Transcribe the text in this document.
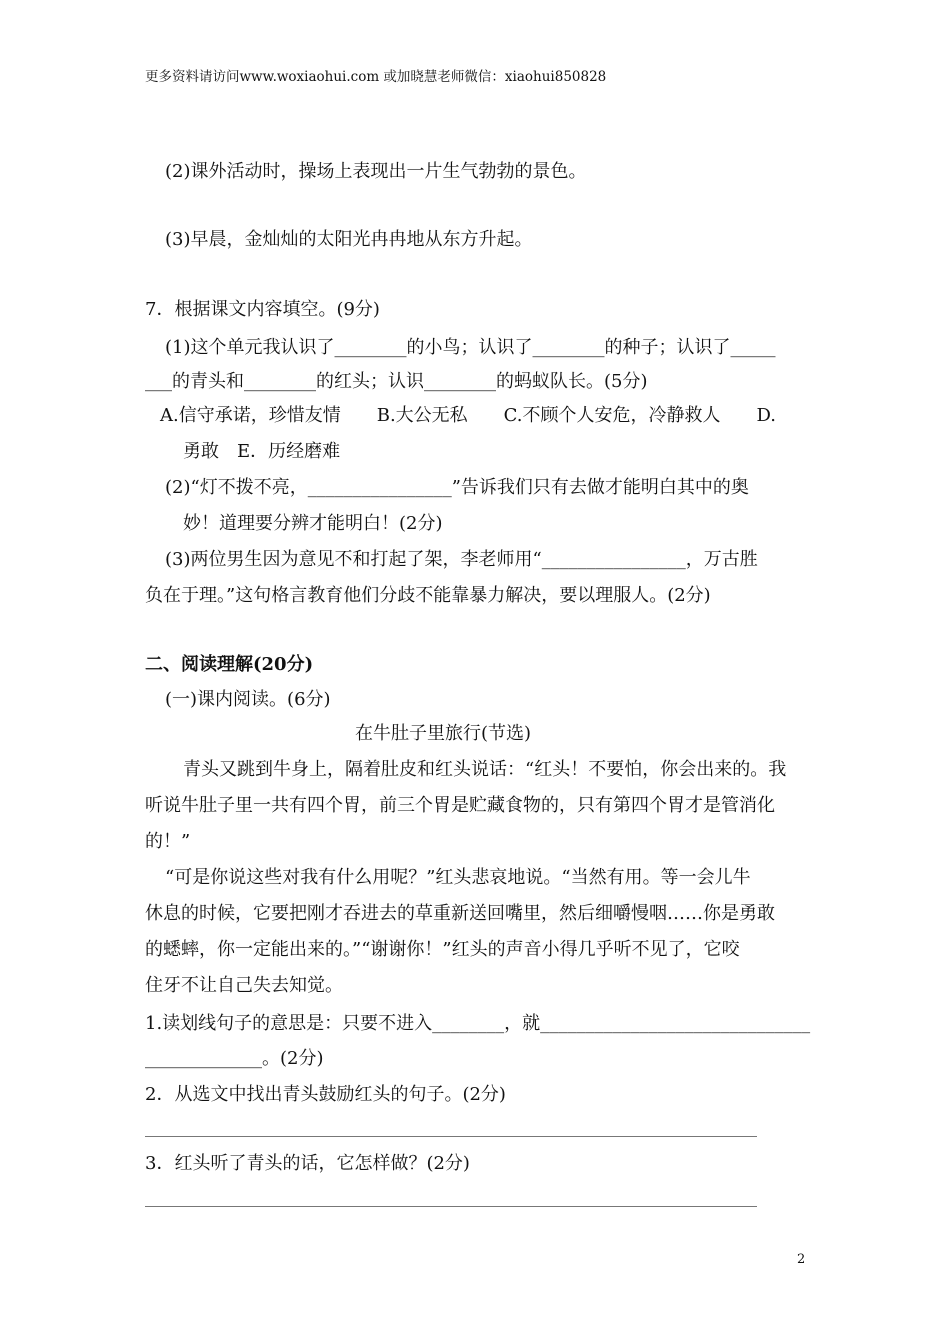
更多资料请访问www.woxiaohui.com 或加晓慧老师微信：xiaohui850828
(2)课外活动时，操场上表现出一片生气勃勃的景色。
(3)早晨，金灿灿的太阳光冉冉地从东方升起。
7．根据课文内容填空。(9分)
(1)这个单元我认识了________的小鸟；认识了________的种子；认识了_____
___的青头和________的红头；认识________的蚂蚁队长。(5分)
A.信守承诺，珍惜友情　　B.大公无私　　C.不顾个人安危，冷静救人　　D.
勇敢　E．历经磨难
(2)“灯不拨不亮，________________”告诉我们只有去做才能明白其中的奥
妙！道理要分辨才能明白！(2分)
(3)两位男生因为意见不和打起了架，李老师用“________________，万古胜
负在于理。”这句格言教育他们分歧不能靠暴力解决，要以理服人。(2分)
二、阅读理解(20分)
(一)课内阅读。(6分)
在牛肚子里旅行(节选)
青头又跳到牛身上，隔着肚皮和红头说话：“红头！不要怕，你会出来的。我
听说牛肚子里一共有四个胃，前三个胃是贮藏食物的，只有第四个胃才是管消化
的！”
“可是你说这些对我有什么用呢？”红头悲哀地说。“当然有用。等一会儿牛
休息的时候，它要把刚才吞进去的草重新送回嘴里，然后细嚼慢咽……你是勇敢
的蟋蟀，你一定能出来的。”“谢谢你！”红头的声音小得几乎听不见了，它咬
住牙不让自己失去知觉。
1.读划线句子的意思是：只要不进入________，就______________________________
_____________。(2分)
2．从选文中找出青头鼓励红头的句子。(2分)
3．红头听了青头的话，它怎样做？(2分)
2
